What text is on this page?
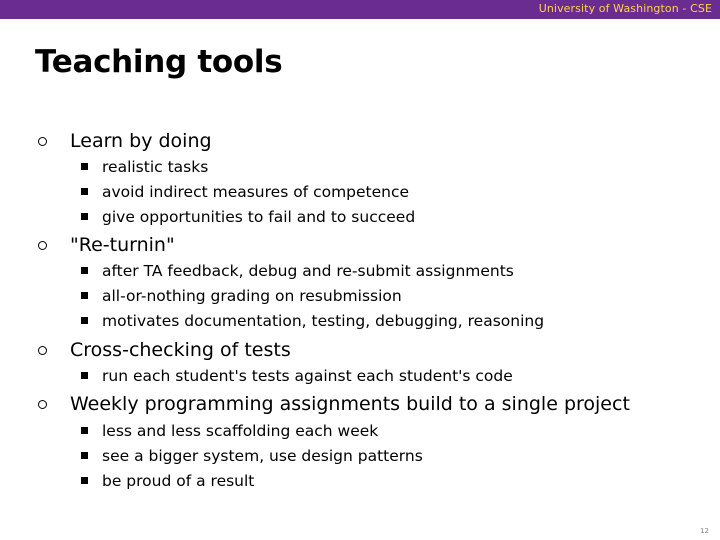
University of Washington - CSE
Teaching tools
Learn by doing
realistic tasks
avoid indirect measures of competence
give opportunities to fail and to succeed
"Re-turnin"
after TA feedback, debug and re-submit assignments
all-or-nothing grading on resubmission
motivates documentation, testing, debugging, reasoning
Cross-checking of tests
run each student's tests against each student's code
Weekly programming assignments build to a single project
less and less scaffolding each week
see a bigger system, use design patterns
be proud of a result
12
